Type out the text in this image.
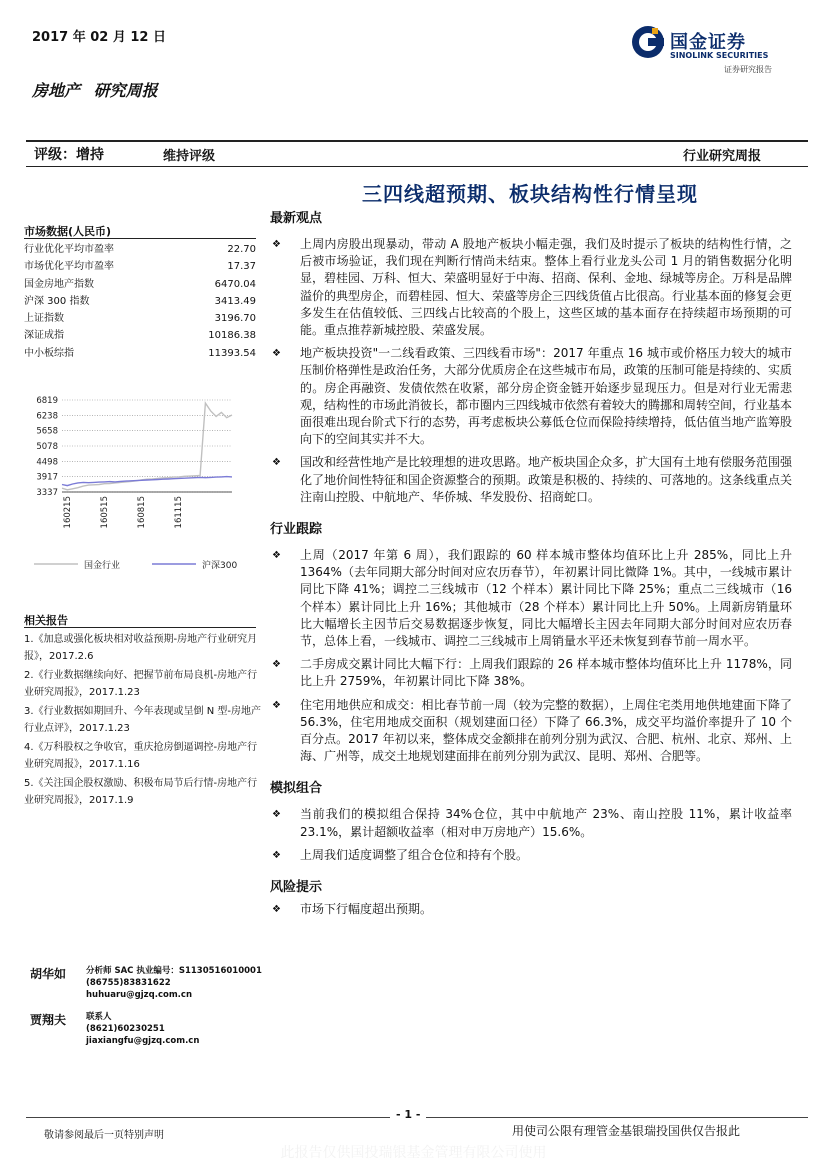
2017 年 02 月 12 日	国金证券
SINOLINK SECURITIES
证券研究报告
房地产 研究周报
评级：增持	维持评级	行业研究周报
三四线超预期、板块结构性行情呈现
市场数据(人民币)
行业优化平均市盈率	22.70
市场优化平均市盈率	17.37
国金房地产指数	6470.04
沪深 300 指数	3413.49
上证指数	3196.70
深证成指	10186.38
中小板综指	11393.54
6819
6238
5658
5078
4498
3917
3337
160215	160515	160815	161115
国金行业	沪深300
相关报告
1.《加息或强化板块相对收益预期-房地产行业研究月报》，2017.2.6
2.《行业数据继续向好、把握节前布局良机-房地产行业研究周报》，2017.1.23
3.《行业数据如期回升、今年表现或呈倒 N 型-房地产行业点评》，2017.1.23
4.《万科股权之争收官，重庆抢房倒逼调控-房地产行业研究周报》，2017.1.16
5.《关注国企股权激励、积极布局节后行情-房地产行业研究周报》，2017.1.9
胡华如	分析师 SAC 执业编号：S1130516010001
(86755)83831622
huhuaru@gjzq.com.cn
贾翔夫	联系人
(8621)60230251
jiaxiangfu@gjzq.com.cn
最新观点
❖ 上周内房股出现暴动，带动 A 股地产板块小幅走强，我们及时提示了板块的结构性行情，之后被市场验证，我们现在判断行情尚未结束。整体上看行业龙头公司 1 月的销售数据分化明显，碧桂园、万科、恒大、荣盛明显好于中海、招商、保利、金地、绿城等房企。万科是品牌溢价的典型房企，而碧桂园、恒大、荣盛等房企三四线货值占比很高。行业基本面的修复会更多发生在估值较低、三四线占比较高的个股上，这些区域的基本面存在持续超市场预期的可能。重点推荐新城控股、荣盛发展。
❖ 地产板块投资"一二线看政策、三四线看市场"：2017 年重点 16 城市或价格压力较大的城市压制价格弹性是政治任务，大部分优质房企在这些城市布局，政策的压制可能是持续的、实质的。房企再融资、发债依然在收紧，部分房企资金链开始逐步显现压力。但是对行业无需悲观，结构性的市场此消彼长，都市圈内三四线城市依然有着较大的腾挪和周转空间，行业基本面很难出现台阶式下行的态势，再考虑板块公募低仓位而保险持续增持，低估值当地产监筹股向下的空间其实并不大。
❖ 国改和经营性地产是比较理想的进攻思路。地产板块国企众多，扩大国有土地有偿服务范围强化了地价间性特征和国企资源整合的预期。政策是积极的、持续的、可落地的。这条线重点关注南山控股、中航地产、华侨城、华发股份、招商蛇口。
行业跟踪
❖ 上周（2017 年第 6 周），我们跟踪的 60 样本城市整体均值环比上升 285%，同比上升 1364%（去年同期大部分时间对应农历春节），年初累计同比微降 1%。其中，一线城市累计同比下降 41%；调控二三线城市（12 个样本）累计同比下降 25%；重点二三线城市（16 个样本）累计同比上升 16%；其他城市（28 个样本）累计同比上升 50%。上周新房销量环比大幅增长主因节后交易数据逐步恢复，同比大幅增长主因去年同期大部分时间对应农历春节，总体上看，一线城市、调控二三线城市上周销量水平还未恢复到春节前一周水平。
❖ 二手房成交累计同比大幅下行：上周我们跟踪的 26 样本城市整体均值环比上升 1178%，同比上升 2759%，年初累计同比下降 38%。
❖ 住宅用地供应和成交：相比春节前一周（较为完整的数据），上周住宅类用地供地建面下降了 56.3%，住宅用地成交面积（规划建面口径）下降了 66.3%，成交平均溢价率提升了 10 个百分点。2017 年初以来，整体成交金额排在前列分别为武汉、合肥、杭州、北京、郑州、上海、广州等，成交土地规划建面排在前列分别为武汉、昆明、郑州、合肥等。
模拟组合
❖ 当前我们的模拟组合保持 34%仓位，其中中航地产 23%、南山控股 11%，累计收益率 23.1%，累计超额收益率（相对申万房地产）15.6%。
❖ 上周我们适度调整了组合仓位和持有个股。
风险提示
❖ 市场下行幅度超出预期。
- 1 -
敬请参阅最后一页特别声明	用使司公限有理管金基银瑞投国供仅告报此
此报告仅供国投瑞银基金管理有限公司使用
